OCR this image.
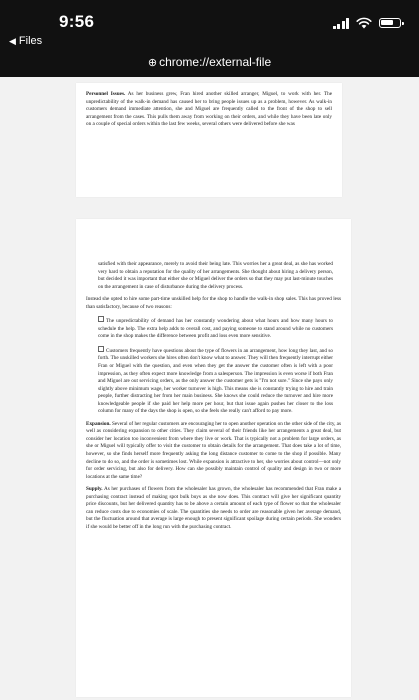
9:56
◀ Files
⊕ chrome://external-file

Personnel Issues. As her business grew, Fran hired another skilled arranger, Miguel, to work with her. The unpredictability of the walk-in demand has caused her to bring people issues up as a problem, however. As walk-in customers demand immediate attention, she and Miguel are frequently called to the front of the shop to sell arrangement from the cases. This pulls them away from working on their orders, and while they have been late only on a couple of special orders within the last few weeks, several others were delivered before she was

satisfied with their appearance, merely to avoid their being late. This worries her a great deal, as she has worked very hard to obtain a reputation for the quality of her arrangements. She thought about hiring a delivery person, but decided it was important that either she or Miguel deliver the orders so that they may put last-minute touches on the arrangement in case of disturbance during the delivery process.

Instead she opted to hire some part-time unskilled help for the shop to handle the walk-in shop sales. This has proved less than satisfactory, because of two reasons:

The unpredictability of demand has her constantly wondering about what hours and how many hours to schedule the help. The extra help adds to overall cost, and paying someone to stand around while no customers come in the shop makes the difference between profit and loss even more sensitive.

Customers frequently have questions about the type of flowers in an arrangement, how long they last, and so forth. The unskilled workers she hires often don't know what to answer. They will then frequently interrupt either Fran or Miguel with the question, and even when they get the answer the customer often is left with a poor impression, as they often expect more knowledge from a salesperson. The impression is even worse if both Fran and Miguel are out servicing orders, as the only answer the customer gets is "I'm not sure." Since she pays only slightly above minimum wage, her worker turnover is high. This means she is constantly trying to hire and train people, further distracting her from her main business. She knows she could reduce the turnover and hire more knowledgeable people if she paid her help more per hour, but that issue again pushes her closer to the loss column for many of the days the shop is open, so she feels she really can't afford to pay more.

Expansion. Several of her regular customers are encouraging her to open another operation on the other side of the city, as well as considering expansion to other cities. They claim several of their friends like her arrangements a great deal, but consider her location too inconvenient from where they live or work. That is typically not a problem for large orders, as she or Miguel will typically offer to visit the customer to obtain details for the arrangement. That does take a lot of time, however, so she finds herself more frequently asking the long distance customer to come to the shop if possible. Many decline to do so, and the order is sometimes lost. While expansion is attractive to her, she worries about control—not only for order servicing, but also for delivery. How can she possibly maintain control of quality and design in two or more locations at the same time?

Supply. As her purchases of flowers from the wholesaler has grown, the wholesaler has recommended that Fran make a purchasing contract instead of making spot bulk buys as she now does. This contract will give her significant quantity price discounts, but her delivered quantity has to be above a certain amount of each type of flower so that the wholesaler can reduce costs due to economies of scale. The quantities she needs to order are reasonable given her average demand, but the fluctuation around that average is large enough to present significant spoilage during certain periods. She wonders if she would be better off in the long run with the purchasing contract.
